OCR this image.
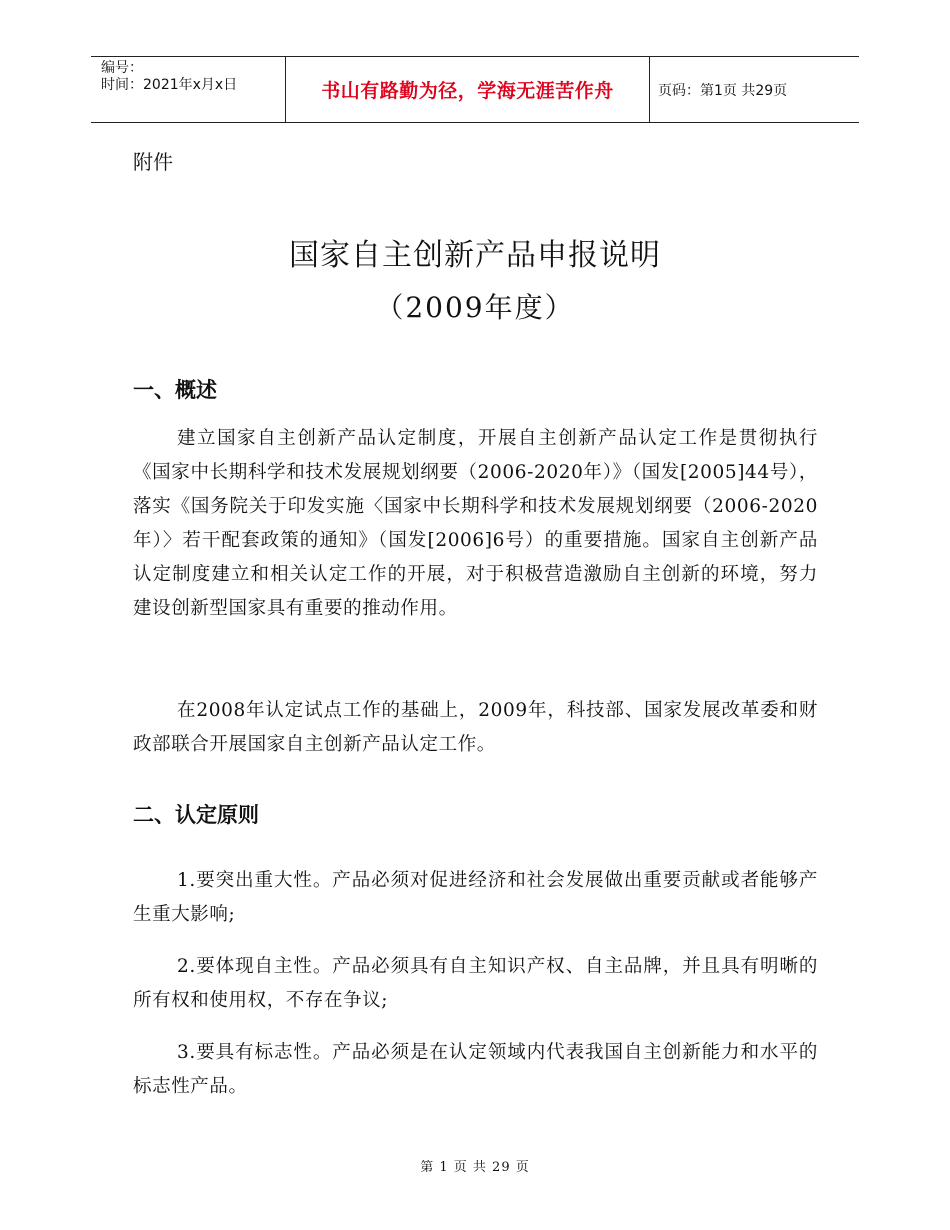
编号：
时间：2021年x月x日	书山有路勤为径，学海无涯苦作舟	页码：第1页 共29页
附件
国家自主创新产品申报说明
（2009年度）
一、概述
建立国家自主创新产品认定制度，开展自主创新产品认定工作是贯彻执行《国家中长期科学和技术发展规划纲要（2006-2020年）》（国发[2005]44号），落实《国务院关于印发实施〈国家中长期科学和技术发展规划纲要（2006-2020年）〉若干配套政策的通知》（国发[2006]6号）的重要措施。国家自主创新产品认定制度建立和相关认定工作的开展，对于积极营造激励自主创新的环境，努力建设创新型国家具有重要的推动作用。
在2008年认定试点工作的基础上，2009年，科技部、国家发展改革委和财政部联合开展国家自主创新产品认定工作。
二、认定原则
1.要突出重大性。产品必须对促进经济和社会发展做出重要贡献或者能够产生重大影响;
2.要体现自主性。产品必须具有自主知识产权、自主品牌，并且具有明晰的所有权和使用权，不存在争议;
3.要具有标志性。产品必须是在认定领域内代表我国自主创新能力和水平的标志性产品。
第 1 页 共 29 页
